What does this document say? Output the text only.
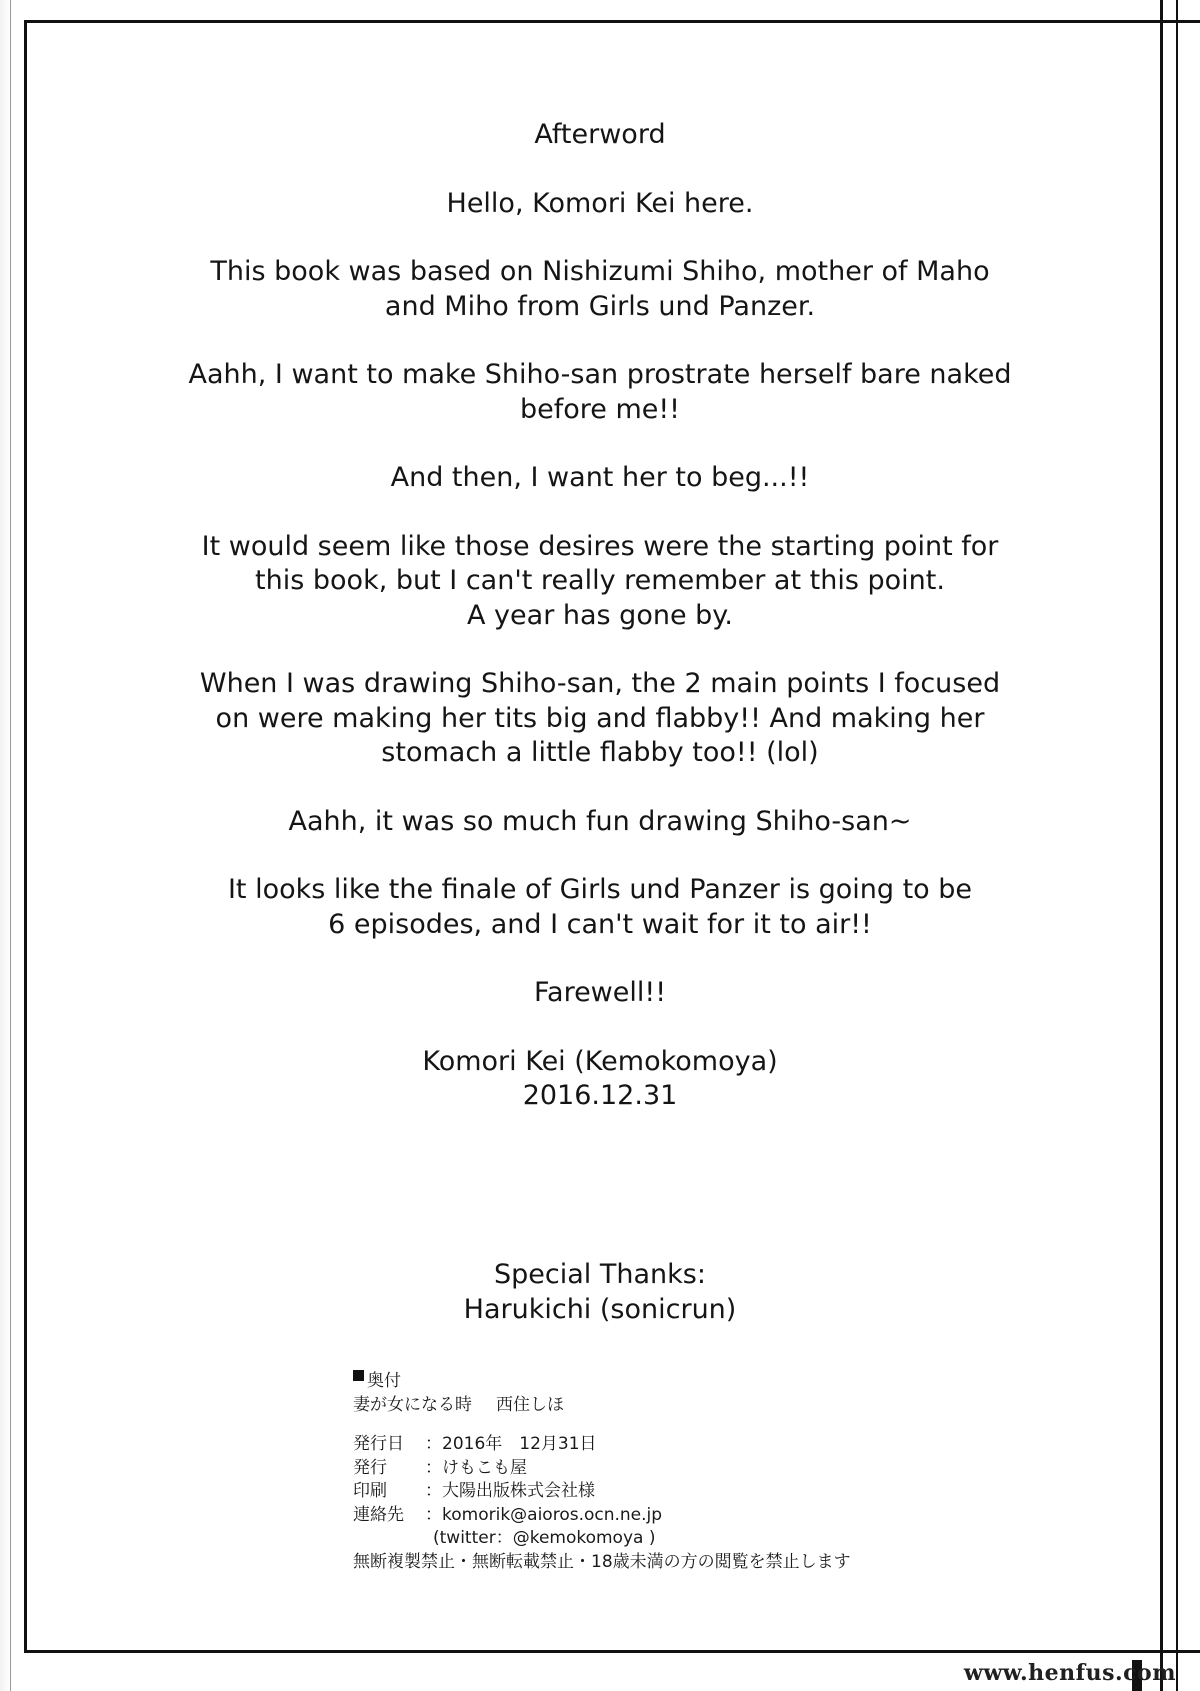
Afterword

Hello, Komori Kei here.

This book was based on Nishizumi Shiho, mother of Maho
and Miho from Girls und Panzer.

Aahh, I want to make Shiho-san prostrate herself bare naked
before me!!

And then, I want her to beg...!!

It would seem like those desires were the starting point for
this book, but I can't really remember at this point.
A year has gone by.

When I was drawing Shiho-san, the 2 main points I focused
on were making her tits big and flabby!! And making her
stomach a little flabby too!! (lol)

Aahh, it was so much fun drawing Shiho-san~

It looks like the finale of Girls und Panzer is going to be
6 episodes, and I can't wait for it to air!!

Farewell!!

Komori Kei (Kemokomoya)
2016.12.31

Special Thanks:
Harukichi (sonicrun)
奥付
妻が女になる時 西住しほ
発行日	：2016年　12月31日
発行	：けもこも屋
印刷	：大陽出版株式会社様
連絡先	：komorik@aioros.ocn.ne.jp
(twitter：@kemokomoya )
無断複製禁止・無断転載禁止・18歳未満の方の閲覧を禁止します
www.henfus.com
